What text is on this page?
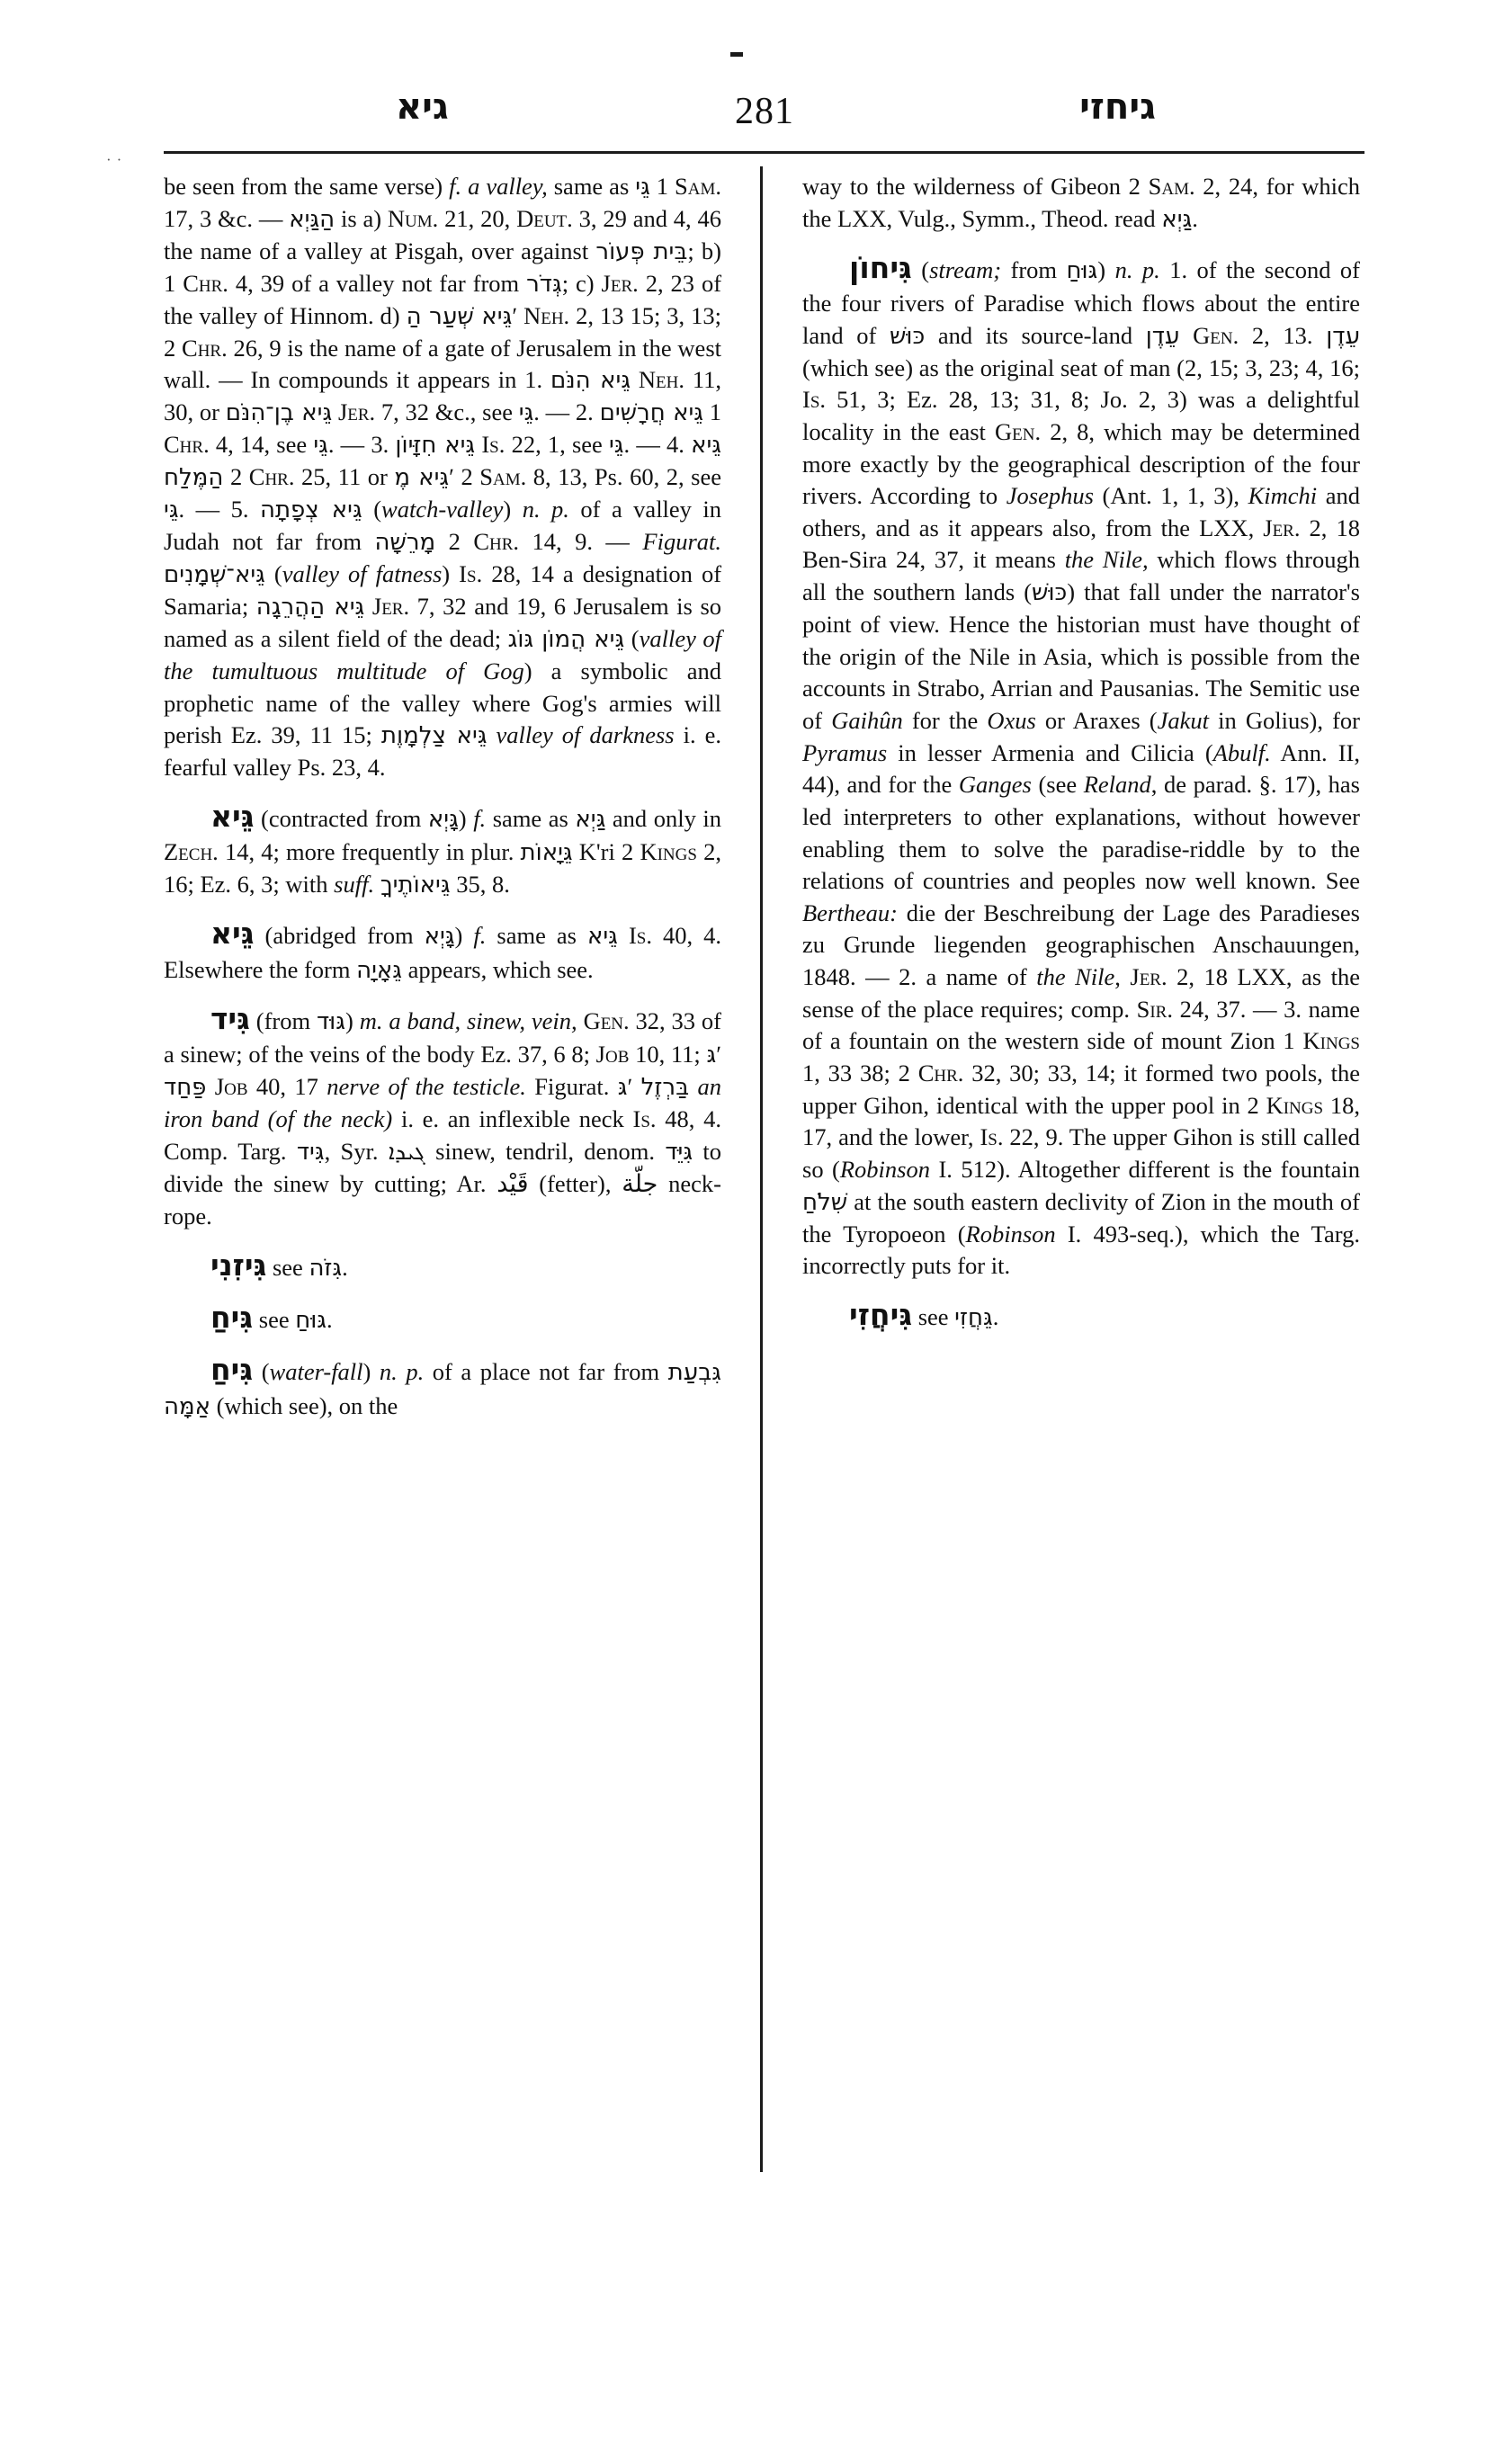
··
גיא	281	גיחזי

be seen from the same verse) f. a valley, same as גֵּי 1 Sam. 17, 3 &c. — הַגַּיְא is a) Num. 21, 20, Deut. 3, 29 and 4, 46 the name of a valley at Pisgah, over against בֵּית פְּעוֹר; b) 1 Chr. 4, 39 of a valley not far from גְּדֹר; c) Jer. 2, 23 of the valley of Hinnom. d) גֵּיא שְׁעַר הַʹ Neh. 2, 13 15; 3, 13; 2 Chr. 26, 9 is the name of a gate of Jerusalem in the west wall. — In compounds it appears in 1. גֵּיא הִנֹּם Neh. 11, 30, or גֵּיא בֶן־הִנֹּם Jer. 7, 32 &c., see גֵּי. — 2. גֵּיא חֲרָשִׁים 1 Chr. 4, 14, see גֵּי. — 3. גֵּיא חִזָּיוֹן Is. 22, 1, see גֵּי. — 4. גֵּיא הַמֶּלַח 2 Chr. 25, 11 or גֵּיא מֶʹ 2 Sam. 8, 13, Ps. 60, 2, see גֵּי. — 5. גֵּיא צְפָתָה (watch-valley) n. p. of a valley in Judah not far from מָרֵשָׁה 2 Chr. 14, 9. — Figurat. גֵּיא־שְׁמָנִים (valley of fatness) Is. 28, 14 a designation of Samaria; גֵּיא הַהֲרֵגָה Jer. 7, 32 and 19, 6 Jerusalem is so named as a silent field of the dead; גֵּיא הֲמוֹן גּוֹג (valley of the tumultuous multitude of Gog) a symbolic and prophetic name of the valley where Gog's armies will perish Ez. 39, 11 15; גֵּיא צַלְמָוֶת valley of darkness i. e. fearful valley Ps. 23, 4.

גֵּיא (contracted from גָּיְא) f. same as גַּיְא and only in Zech. 14, 4; more frequently in plur. גֵּיָאוֹת K'ri 2 Kings 2, 16; Ez. 6, 3; with suff. גֵּיאוֹתֶיךָ 35, 8.

גֵּיא (abridged from גָּיְא) f. same as גֵּיא Is. 40, 4. Elsewhere the form גֵּאָיָה appears, which see.

גִּיד (from גּוּד) m. a band, sinew, vein, Gen. 32, 33 of a sinew; of the veins of the body Ez. 37, 6 8; Job 10, 11; גּʹ פַּחַד Job 40, 17 nerve of the testicle. Figurat. גּʹ בַּרְזֶל an iron band (of the neck) i. e. an inflexible neck Is. 48, 4. Comp. Targ. גִּיד, Syr. ܓܝܕܐ sinew, tendril, denom. גִּיֵּד to divide the sinew by cutting; Ar. قَيْد (fetter), جلّة neck-rope.

גִּיזִנִי see גִּזֹה.

גִּיחַ see גּוּחַ.

גִּיחַ (water-fall) n. p. of a place not far from גִּבְעַת אַמָּה (which see), on the

way to the wilderness of Gibeon 2 Sam. 2, 24, for which the LXX, Vulg., Symm., Theod. read גַּיְא.

גִּיחוֹן (stream; from גּוּחַ) n. p. 1. of the second of the four rivers of Paradise which flows about the entire land of כּוּשׁ and its source-land עֵדֶן Gen. 2, 13. עֵדֶן (which see) as the original seat of man (2, 15; 3, 23; 4, 16; Is. 51, 3; Ez. 28, 13; 31, 8; Jo. 2, 3) was a delightful locality in the east Gen. 2, 8, which may be determined more exactly by the geographical description of the four rivers. According to Josephus (Ant. 1, 1, 3), Kimchi and others, and as it appears also, from the LXX, Jer. 2, 18 Ben-Sira 24, 37, it means the Nile, which flows through all the southern lands (כּוּשׁ) that fall under the narrator's point of view. Hence the historian must have thought of the origin of the Nile in Asia, which is possible from the accounts in Strabo, Arrian and Pausanias. The Semitic use of Gaihûn for the Oxus or Araxes (Jakut in Golius), for Pyramus in lesser Armenia and Cilicia (Abulf. Ann. II, 44), and for the Ganges (see Reland, de parad. §. 17), has led interpreters to other explanations, without however enabling them to solve the paradise-riddle by to the relations of countries and peoples now well known. See Bertheau: die der Beschreibung der Lage des Paradieses zu Grunde liegenden geographischen Anschauungen, 1848. — 2. a name of the Nile, Jer. 2, 18 LXX, as the sense of the place requires; comp. Sir. 24, 37. — 3. name of a fountain on the western side of mount Zion 1 Kings 1, 33 38; 2 Chr. 32, 30; 33, 14; it formed two pools, the upper Gihon, identical with the upper pool in 2 Kings 18, 17, and the lower, Is. 22, 9. The upper Gihon is still called so (Robinson I. 512). Altogether different is the fountain שִׁלֹחַ at the south eastern declivity of Zion in the mouth of the Tyropoeon (Robinson I. 493-seq.), which the Targ. incorrectly puts for it.

גִּיחֲזִי see גֵּחֲזִי.
